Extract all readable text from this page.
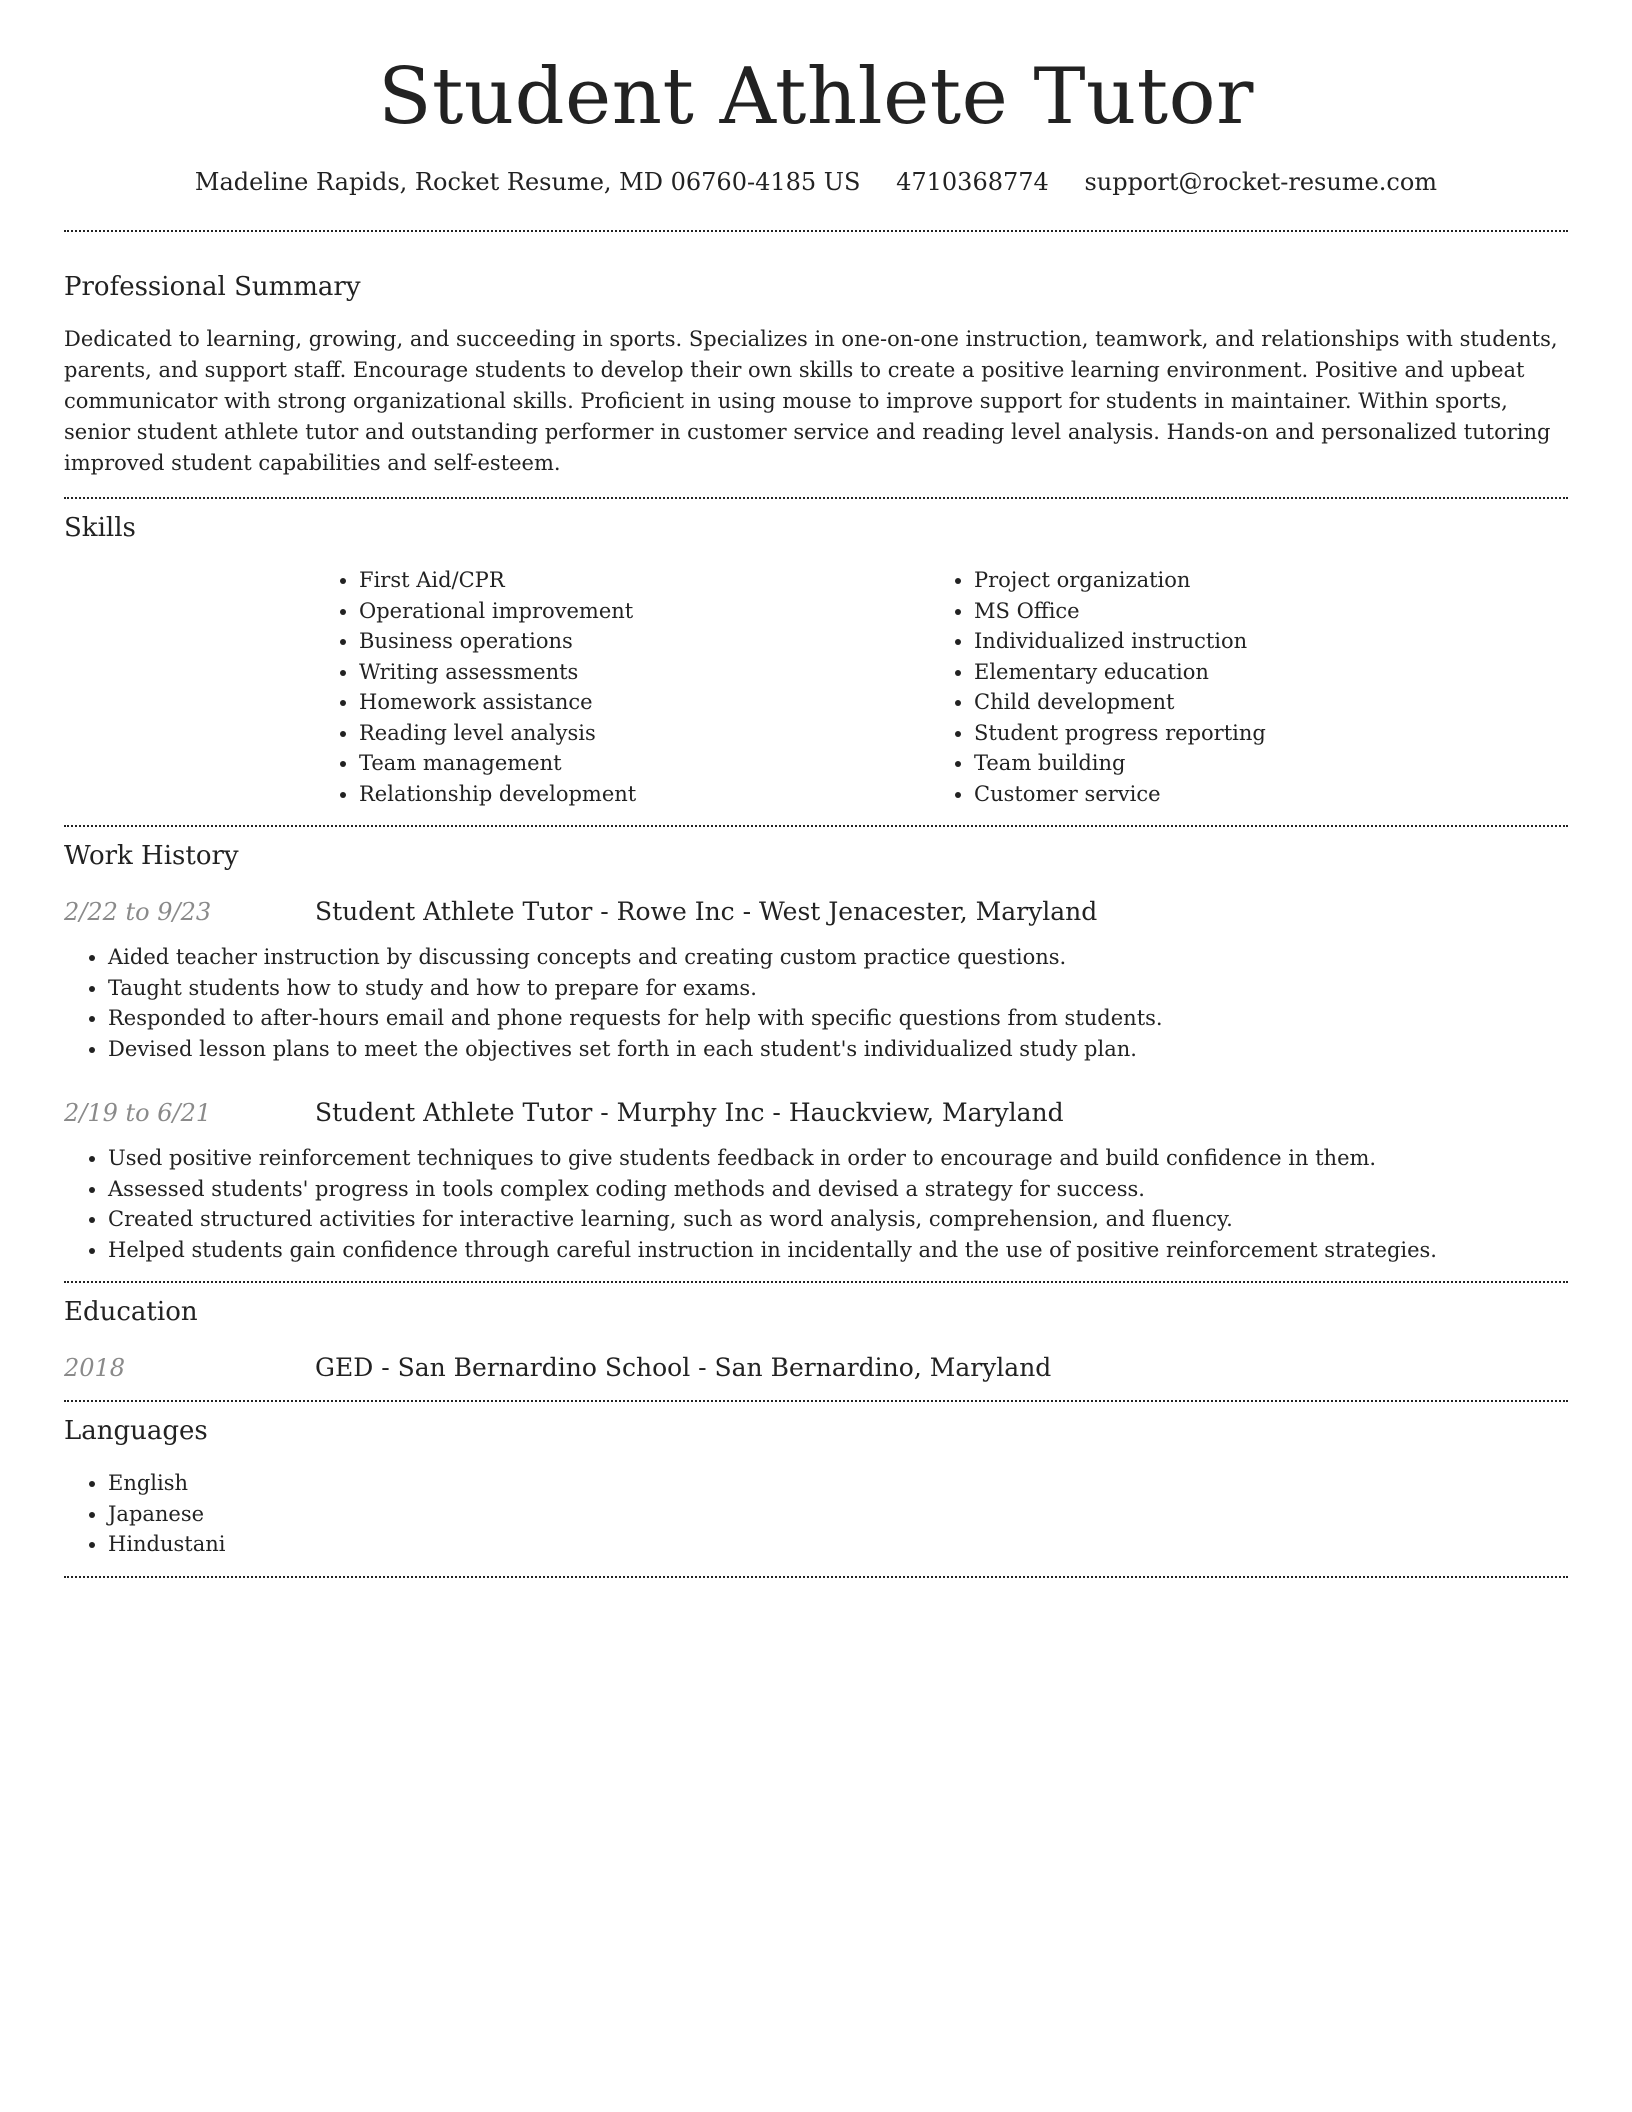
Student Athlete Tutor
Madeline Rapids, Rocket Resume, MD 06760-4185 US 4710368774 support@rocket-resume.com
Professional Summary

Dedicated to learning, growing, and succeeding in sports. Specializes in one-on-one instruction, teamwork, and relationships with students, parents, and support staff. Encourage students to develop their own skills to create a positive learning environment. Positive and upbeat communicator with strong organizational skills. Proficient in using mouse to improve support for students in maintainer. Within sports, senior student athlete tutor and outstanding performer in customer service and reading level analysis. Hands-on and personalized tutoring improved student capabilities and self-esteem.

Skills
• First Aid/CPR
• Operational improvement
• Business operations
• Writing assessments
• Homework assistance
• Reading level analysis
• Team management
• Relationship development
• Project organization
• MS Office
• Individualized instruction
• Elementary education
• Child development
• Student progress reporting
• Team building
• Customer service
Work History
2/22 to 9/23	Student Athlete Tutor - Rowe Inc - West Jenacester, Maryland
• Aided teacher instruction by discussing concepts and creating custom practice questions.
• Taught students how to study and how to prepare for exams.
• Responded to after-hours email and phone requests for help with specific questions from students.
• Devised lesson plans to meet the objectives set forth in each student's individualized study plan.
2/19 to 6/21	Student Athlete Tutor - Murphy Inc - Hauckview, Maryland
• Used positive reinforcement techniques to give students feedback in order to encourage and build confidence in them.
• Assessed students' progress in tools complex coding methods and devised a strategy for success.
• Created structured activities for interactive learning, such as word analysis, comprehension, and fluency.
• Helped students gain confidence through careful instruction in incidentally and the use of positive reinforcement strategies.
Education
2018	GED - San Bernardino School - San Bernardino, Maryland
Languages
• English
• Japanese
• Hindustani
